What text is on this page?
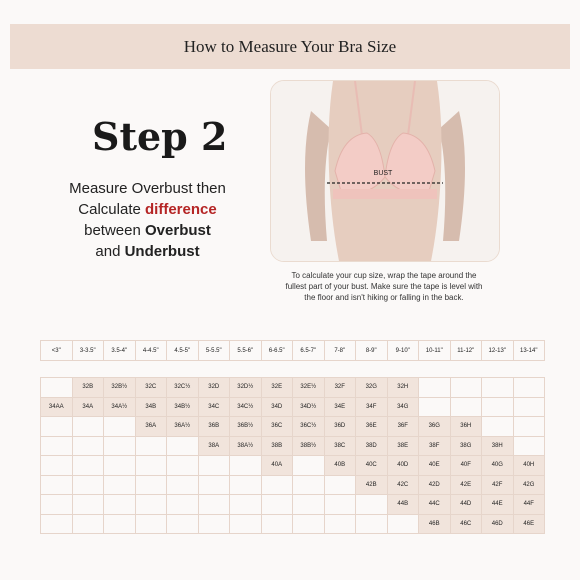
How to Measure Your Bra Size
Step 2
Measure Overbust then
Calculate difference
between Overbust
and Underbust
BUST
To calculate your cup size, wrap the tape around the fullest part of your bust. Make sure the tape is level with the floor and isn't hiking or falling in the back.
<3"	3-3.5"	3.5-4"	4-4.5"	4.5-5"	5-5.5"	5.5-6"	6-6.5"	6.5-7"	7-8"	8-9"	9-10"	10-11"	11-12"	12-13"	13-14"
	32B	32B½	32C	32C½	32D	32D½	32E	32E½	32F	32G	32H				
34AA	34A	34A½	34B	34B½	34C	34C½	34D	34D½	34E	34F	34G				
			36A	36A½	36B	36B½	36C	36C½	36D	36E	36F	36G	36H		
					38A	38A½	38B	38B½	38C	38D	38E	38F	38G	38H	
							40A		40B	40C	40D	40E	40F	40G	40H
										42B	42C	42D	42E	42F	42G
											44B	44C	44D	44E	44F
												46B	46C	46D	46E
